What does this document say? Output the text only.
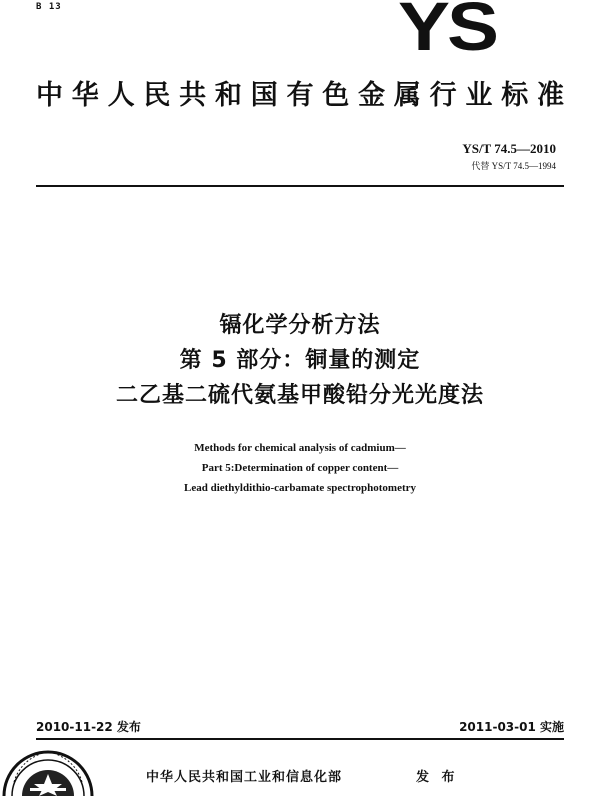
B 13	YS
中华人民共和国有色金属行业标准
YS/T 74.5—2010
代替 YS/T 74.5—1994
镉化学分析方法
第 5 部分：铜量的测定
二乙基二硫代氨基甲酸铅分光光度法
Methods for chemical analysis of cadmium—
Part 5:Determination of copper content—
Lead diethyldithio-carbamate spectrophotometry
2010-11-22 发布	2011-03-01 实施
中华人民共和国工业和信息化部	发 布
